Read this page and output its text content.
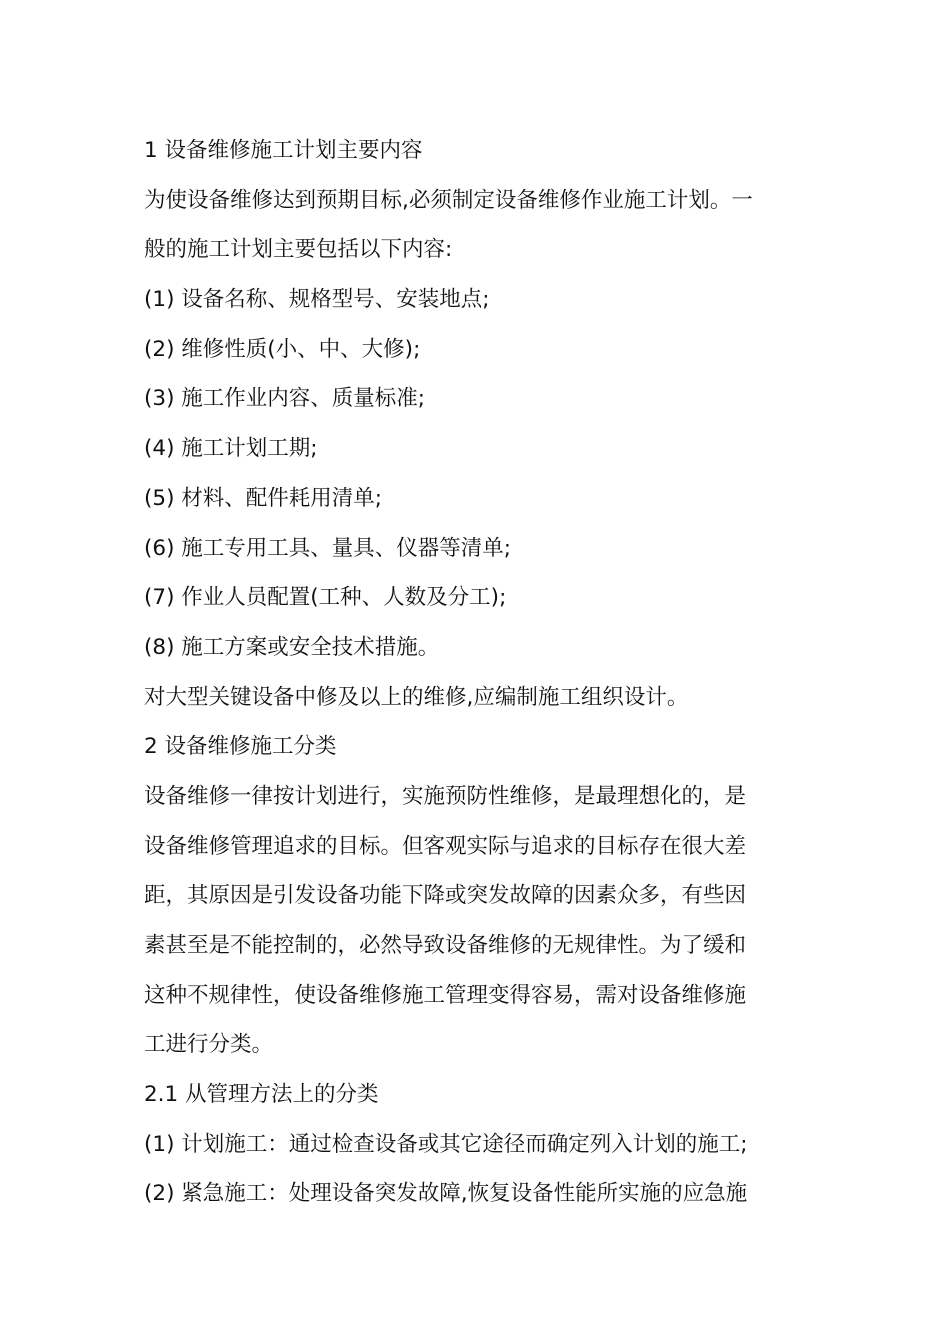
1 设备维修施工计划主要内容
为使设备维修达到预期目标,必须制定设备维修作业施工计划。一
般的施工计划主要包括以下内容:
(1) 设备名称、规格型号、安装地点;
(2) 维修性质(小、中、大修);
(3) 施工作业内容、质量标准;
(4) 施工计划工期;
(5) 材料、配件耗用清单;
(6) 施工专用工具、量具、仪器等清单;
(7) 作业人员配置(工种、人数及分工);
(8) 施工方案或安全技术措施。
对大型关键设备中修及以上的维修,应编制施工组织设计。
2 设备维修施工分类
设备维修一律按计划进行，实施预防性维修，是最理想化的，是
设备维修管理追求的目标。但客观实际与追求的目标存在很大差
距，其原因是引发设备功能下降或突发故障的因素众多，有些因
素甚至是不能控制的，必然导致设备维修的无规律性。为了缓和
这种不规律性，使设备维修施工管理变得容易，需对设备维修施
工进行分类。
2.1 从管理方法上的分类
(1) 计划施工：通过检查设备或其它途径而确定列入计划的施工;
(2) 紧急施工：处理设备突发故障,恢复设备性能所实施的应急施
